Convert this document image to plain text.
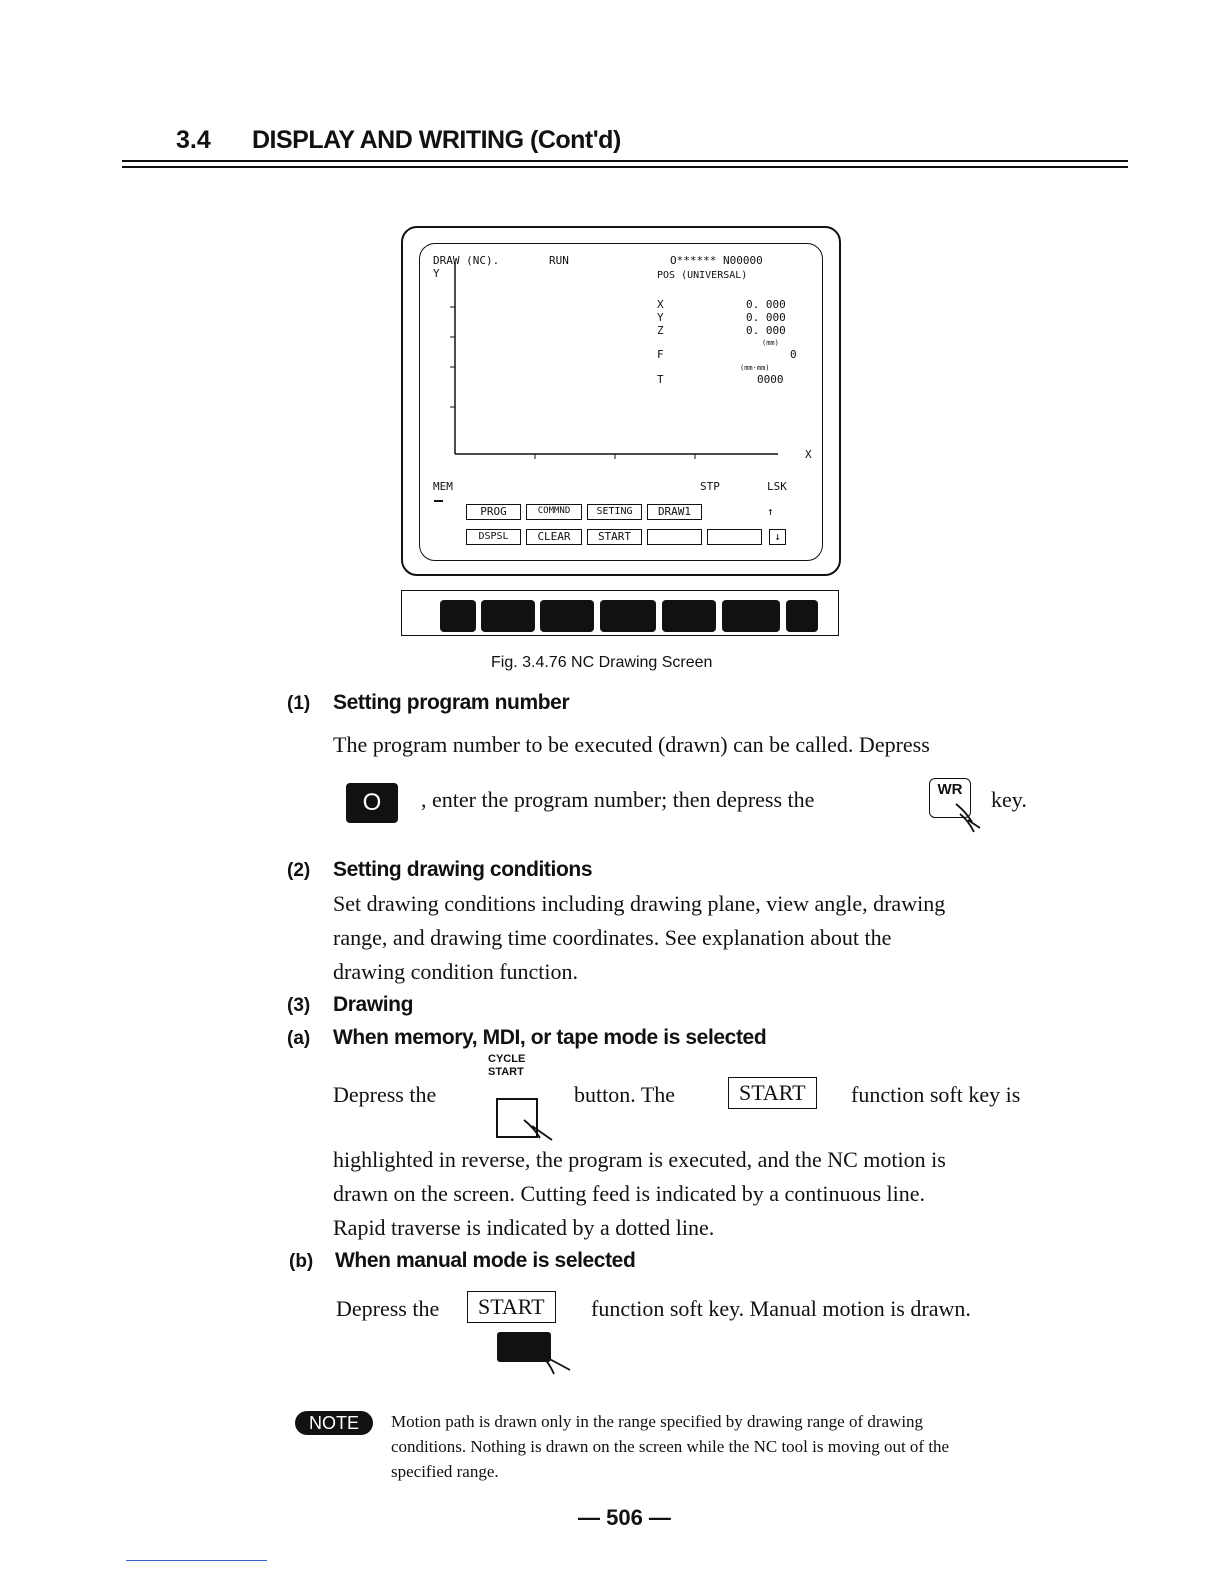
3.4 DISPLAY AND WRITING (Cont'd)
DRAW (NC).	RUN	O****** N00000
Y	POS (UNIVERSAL)
X
X	0. 000
Y	0. 000
Z	0. 000
(mm)
F	0
(mm·mm)
T	0000
MEM	STP	LSK
PROG	COMMND	SETING	DRAW1	↑
DSPSL	CLEAR	START	↓
Fig. 3.4.76 NC Drawing Screen
(1) Setting program number
The program number to be executed (drawn) can be called. Depress
O	, enter the program number; then depress the	WR	key.
(2) Setting drawing conditions
Set drawing conditions including drawing plane, view angle, drawing
range, and drawing time coordinates. See explanation about the
drawing condition function.
(3) Drawing
(a) When memory, MDI, or tape mode is selected
CYCLE
START
Depress the	button. The	START	function soft key is
highlighted in reverse, the program is executed, and the NC motion is
drawn on the screen. Cutting feed is indicated by a continuous line.
Rapid traverse is indicated by a dotted line.
(b) When manual mode is selected
Depress the	START	function soft key. Manual motion is drawn.
NOTE	Motion path is drawn only in the range specified by drawing range of drawing
conditions. Nothing is drawn on the screen while the NC tool is moving out of the
specified range.
— 506 —
